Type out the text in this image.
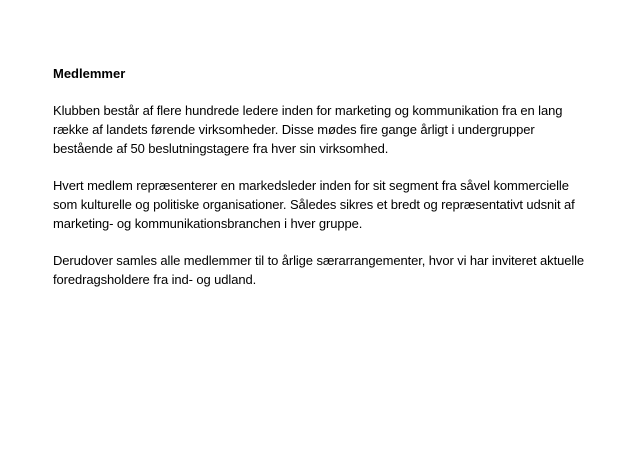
Medlemmer
Klubben består af flere hundrede ledere inden for marketing og kommunikation fra en lang
række af landets førende virksomheder. Disse mødes fire gange årligt i undergrupper
bestående af 50 beslutningstagere fra hver sin virksomhed.
Hvert medlem repræsenterer en markedsleder inden for sit segment fra såvel kommercielle
som kulturelle og politiske organisationer. Således sikres et bredt og repræsentativt udsnit af
marketing- og kommunikationsbranchen i hver gruppe.
Derudover samles alle medlemmer til to årlige særarrangementer, hvor vi har inviteret aktuelle
foredragsholdere fra ind- og udland.
